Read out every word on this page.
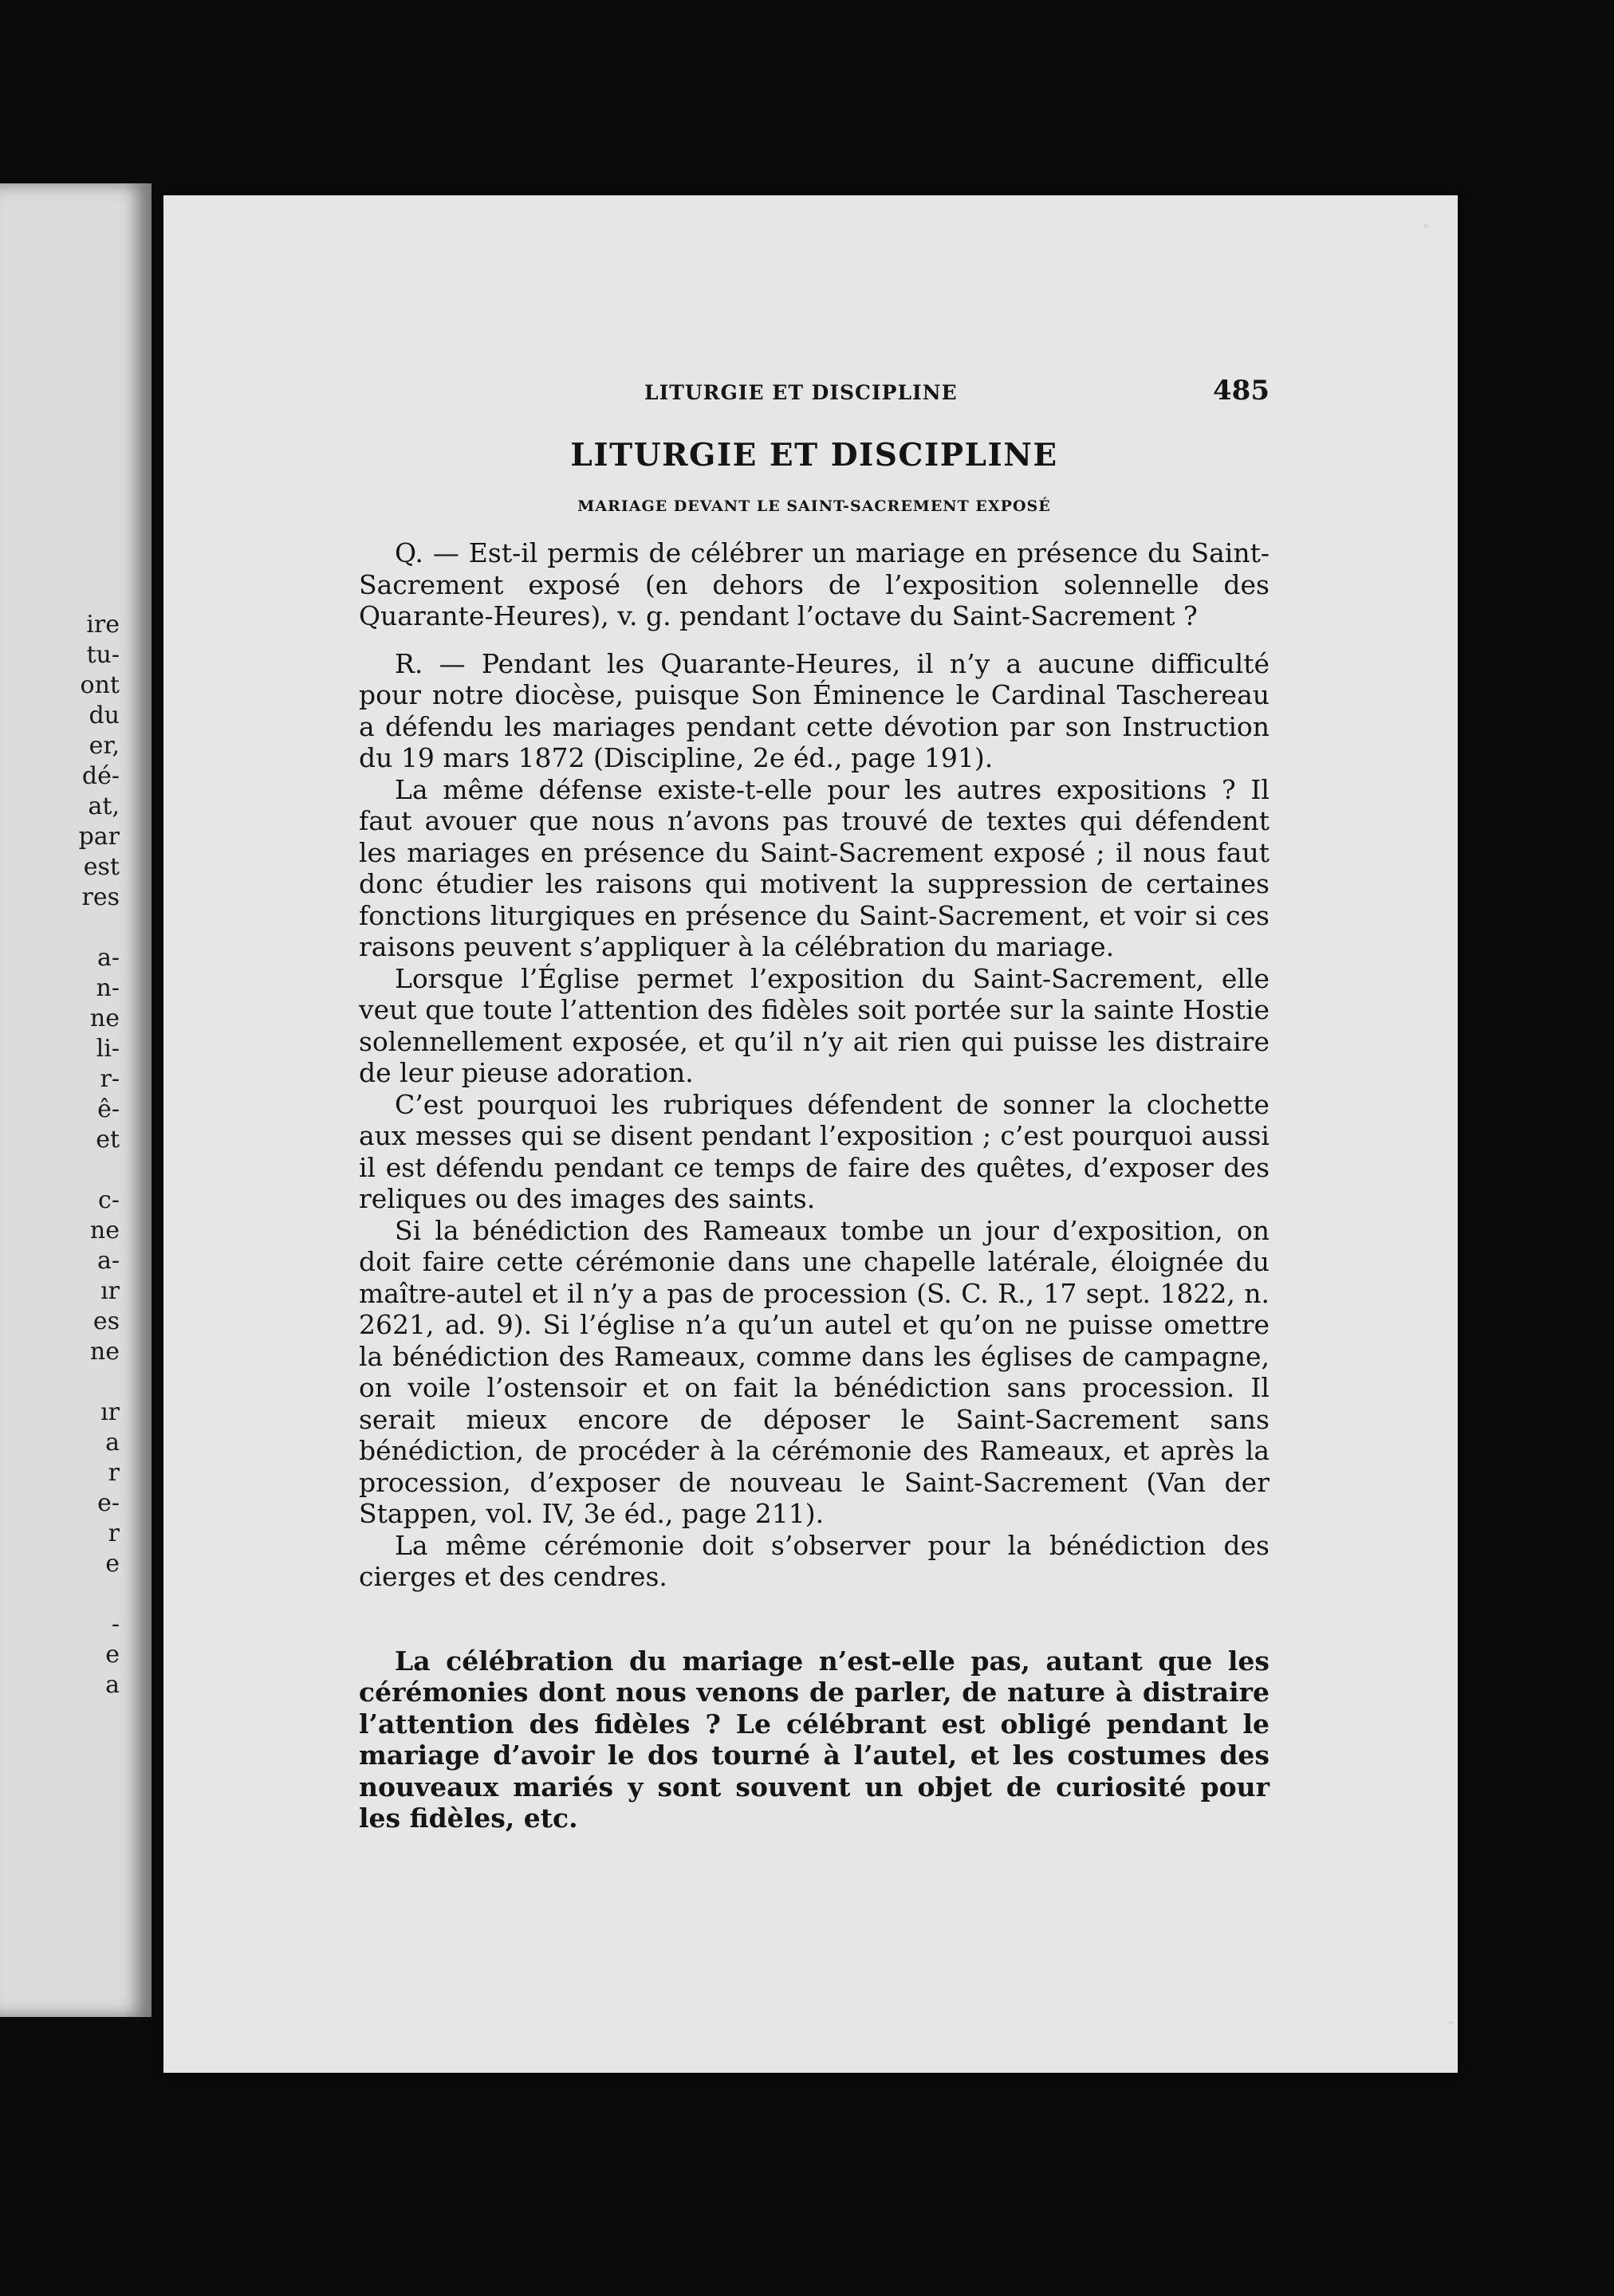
ire
tu-
ont
du
er,
dé-
at,
par
est
res
a-
n-
ne
li-
r-
ê-
et
c-
ne
a-
ır
es
ne
ır
a
r
e-
r
e
-
e
a
LITURGIE ET DISCIPLINE	485
LITURGIE ET DISCIPLINE
MARIAGE DEVANT LE SAINT-SACREMENT EXPOSÉ

Q. — Est-il permis de célébrer un mariage en présence du Saint-Sacrement exposé (en dehors de l’exposition solennelle des Quarante-Heures), v. g. pendant l’octave du Saint-Sacrement ?

R. — Pendant les Quarante-Heures, il n’y a aucune difficulté pour notre diocèse, puisque Son Éminence le Cardinal Taschereau a défendu les mariages pendant cette dévotion par son Instruction du 19 mars 1872 (Discipline, 2e éd., page 191).

La même défense existe-t-elle pour les autres expositions ? Il faut avouer que nous n’avons pas trouvé de textes qui défendent les mariages en présence du Saint-Sacrement exposé ; il nous faut donc étudier les raisons qui motivent la suppression de certaines fonctions liturgiques en présence du Saint-Sacrement, et voir si ces raisons peuvent s’appliquer à la célébration du mariage.

Lorsque l’Église permet l’exposition du Saint-Sacrement, elle veut que toute l’attention des fidèles soit portée sur la sainte Hostie solennellement exposée, et qu’il n’y ait rien qui puisse les distraire de leur pieuse adoration.

C’est pourquoi les rubriques défendent de sonner la clochette aux messes qui se disent pendant l’exposition ; c’est pourquoi aussi il est défendu pendant ce temps de faire des quêtes, d’exposer des reliques ou des images des saints.

Si la bénédiction des Rameaux tombe un jour d’exposition, on doit faire cette cérémonie dans une chapelle latérale, éloignée du maître-autel et il n’y a pas de procession (S. C. R., 17 sept. 1822, n. 2621, ad. 9). Si l’église n’a qu’un autel et qu’on ne puisse omettre la bénédiction des Rameaux, comme dans les églises de campagne, on voile l’ostensoir et on fait la bénédiction sans procession. Il serait mieux encore de déposer le Saint-Sacrement sans bénédiction, de procéder à la cérémonie des Rameaux, et après la procession, d’exposer de nouveau le Saint-Sacrement (Van der Stappen, vol. IV, 3e éd., page 211).

La même cérémonie doit s’observer pour la bénédiction des cierges et des cendres.

La célébration du mariage n’est-elle pas, autant que les cérémonies dont nous venons de parler, de nature à distraire l’attention des fidèles ? Le célébrant est obligé pendant le mariage d’avoir le dos tourné à l’autel, et les costumes des nouveaux mariés y sont souvent un objet de curiosité pour les fidèles, etc.
